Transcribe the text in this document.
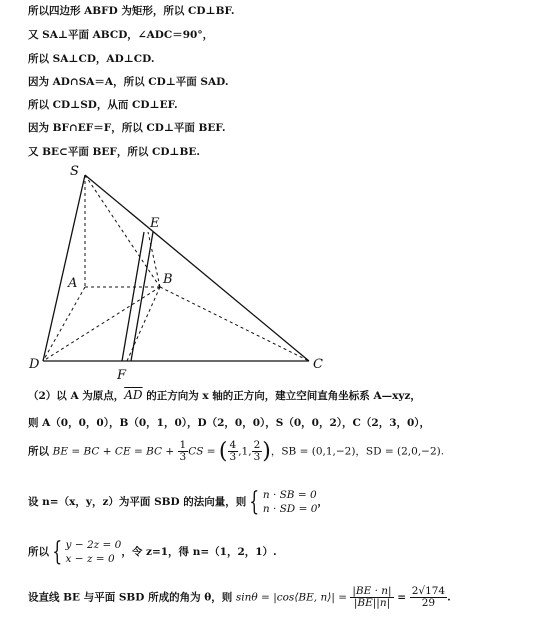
所以四边形 ABFD 为矩形，所以 CD⊥BF.
又 SA⊥平面 ABCD，∠ADC＝90°，
所以 SA⊥CD，AD⊥CD.
因为 AD∩SA＝A，所以 CD⊥平面 SAD.
所以 CD⊥SD，从而 CD⊥EF.
因为 BF∩EF＝F，所以 CD⊥平面 BEF.
又 BE⊂平面 BEF，所以 CD⊥BE.
S
E
A	B
D
F
C
（2）以 A 为原点，$\overline{AD}$ 的正方向为 x 轴的正方向，建立空间直角坐标系 A—xyz，
则 A（0，0，0），B（0，1，0），D（2，0，0），S（0，0，2），C（2，3，0），
所以 BE = BC + CE = BC + $\frac{1}{3}$ CS = ( $\frac{4}{3} ,1$, $\frac{2}{3}$ )，SB = (0,1,−2)，SD = (2,0,−2).
设 n=（x，y，z）为平面 SBD 的法向量，则 { n · SB = 0
n · SD = 0
，
所以 { y − 2z = 0
x − z = 0
，令 z=1，得 n=（1，2，1）.
设直线 BE 与平面 SBD 所成的角为 θ，则 sinθ = |cos⟨BE, n⟩| = $\frac{|BE \cdot n|}{|BE||n|} = \frac{2√174}{29}$ .
